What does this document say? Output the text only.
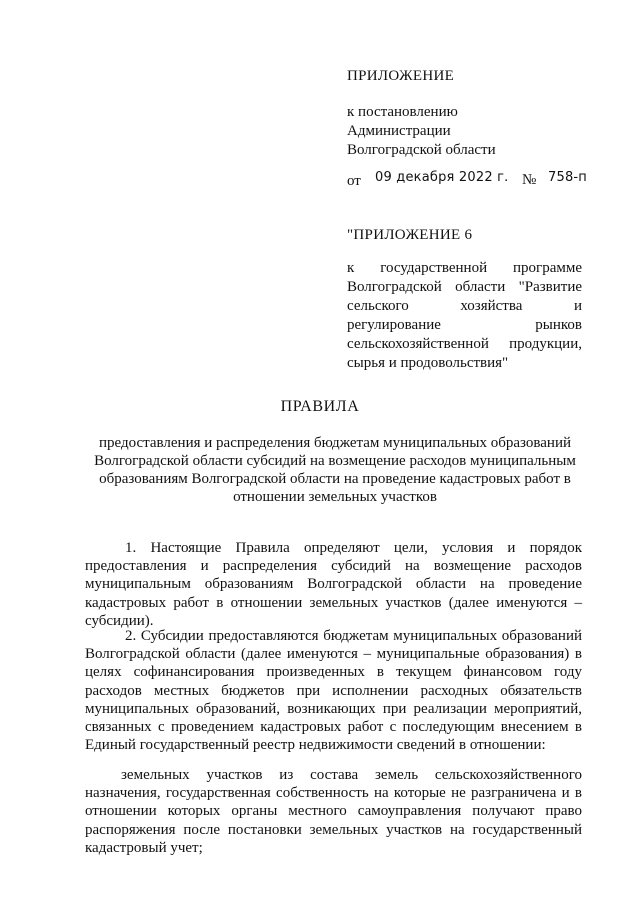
ПРИЛОЖЕНИЕ
к постановлению
Администрации
Волгоградской области
от 09 декабря 2022 г. № 758-п
"ПРИЛОЖЕНИЕ 6
к государственной программе Волгоградской области "Развитие сельского хозяйства и регулирование рынков сельскохозяйственной продукции, сырья и продовольствия"
ПРАВИЛА
предоставления и распределения бюджетам муниципальных образований Волгоградской области субсидий на возмещение расходов муниципальным образованиям Волгоградской области на проведение кадастровых работ в отношении земельных участков
1. Настоящие Правила определяют цели, условия и порядок предоставления и распределения субсидий на возмещение расходов муниципальным образованиям Волгоградской области на проведение кадастровых работ в отношении земельных участков (далее именуются – субсидии).
2. Субсидии предоставляются бюджетам муниципальных образований Волгоградской области (далее именуются – муниципальные образования) в целях софинансирования произведенных в текущем финансовом году расходов местных бюджетов при исполнении расходных обязательств муниципальных образований, возникающих при реализации мероприятий, связанных с проведением кадастровых работ с последующим внесением в Единый государственный реестр недвижимости сведений в отношении:
земельных участков из состава земель сельскохозяйственного назначения, государственная собственность на которые не разграничена и в отношении которых органы местного самоуправления получают право распоряжения после постановки земельных участков на государственный кадастровый учет;
